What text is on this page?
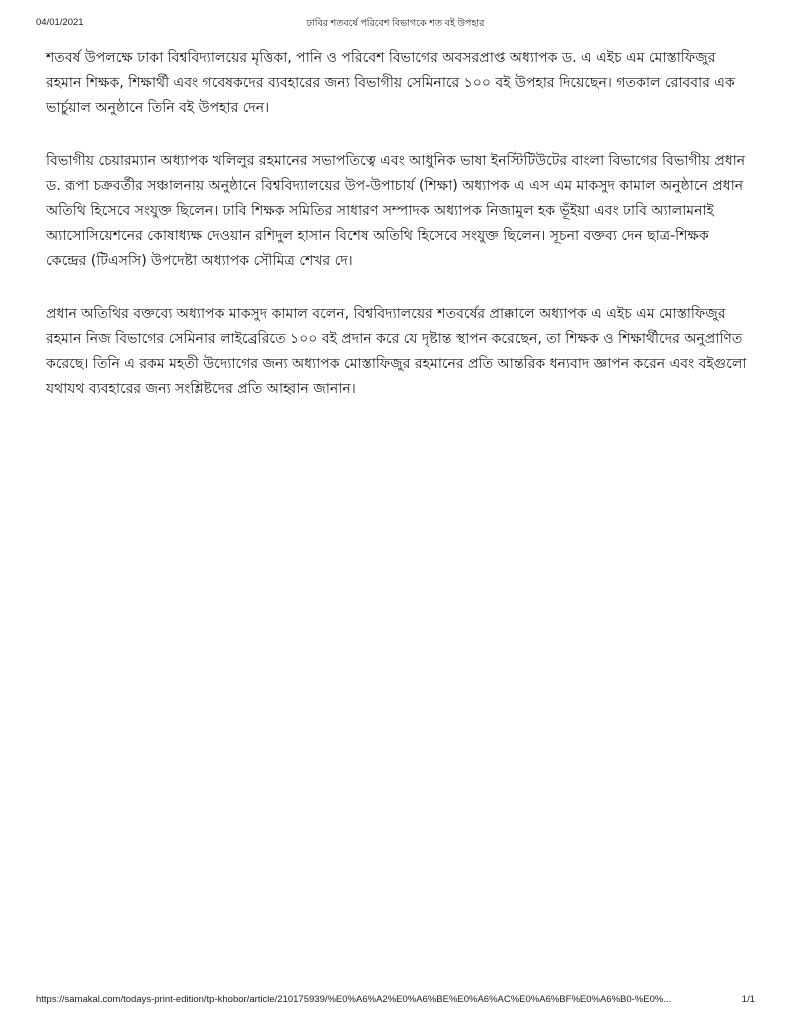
04/01/2021	ঢাবির শতবর্ষে পরিবেশ বিভাগকে শত বই উপহার

শতবর্ষ উপলক্ষে ঢাকা বিশ্ববিদ্যালয়ের মৃত্তিকা, পানি ও পরিবেশ বিভাগের অবসরপ্রাপ্ত অধ্যাপক ড. এ এইচ এম মোস্তাফিজুর রহমান শিক্ষক, শিক্ষার্থী এবং গবেষকদের ব্যবহারের জন্য বিভাগীয় সেমিনারে ১০০ বই উপহার দিয়েছেন। গতকাল রোববার এক ভার্চুয়াল অনুষ্ঠানে তিনি বই উপহার দেন।

বিভাগীয় চেয়ারম্যান অধ্যাপক খলিলুর রহমানের সভাপতিত্বে এবং আধুনিক ভাষা ইনস্টিটিউটের বাংলা বিভাগের বিভাগীয় প্রধান ড. রূপা চক্রবর্তীর সঞ্চালনায় অনুষ্ঠানে বিশ্ববিদ্যালয়ের উপ-উপাচার্য (শিক্ষা) অধ্যাপক এ এস এম মাকসুদ কামাল অনুষ্ঠানে প্রধান অতিথি হিসেবে সংযুক্ত ছিলেন। ঢাবি শিক্ষক সমিতির সাধারণ সম্পাদক অধ্যাপক নিজামুল হক ভূঁইয়া এবং ঢাবি অ্যালামনাই অ্যাসোসিয়েশনের কোষাধ্যক্ষ দেওয়ান রশিদুল হাসান বিশেষ অতিথি হিসেবে সংযুক্ত ছিলেন। সূচনা বক্তব্য দেন ছাত্র-শিক্ষক কেন্দ্রের (টিএসসি) উপদেষ্টা অধ্যাপক সৌমিত্র শেখর দে।

প্রধান অতিথির বক্তব্যে অধ্যাপক মাকসুদ কামাল বলেন, বিশ্ববিদ্যালয়ের শতবর্ষের প্রাক্কালে অধ্যাপক এ এইচ এম মোস্তাফিজুর রহমান নিজ বিভাগের সেমিনার লাইব্রেরিতে ১০০ বই প্রদান করে যে দৃষ্টান্ত স্থাপন করেছেন, তা শিক্ষক ও শিক্ষার্থীদের অনুপ্রাণিত করেছে। তিনি এ রকম মহতী উদ্যোগের জন্য অধ্যাপক মোস্তাফিজুর রহমানের প্রতি আন্তরিক ধন্যবাদ জ্ঞাপন করেন এবং বইগুলো যথাযথ ব্যবহারের জন্য সংশ্লিষ্টদের প্রতি আহ্বান জানান।

https://samakal.com/todays-print-edition/tp-khobor/article/210175939/%E0%A6%A2%E0%A6%BE%E0%A6%AC%E0%A6%BF%E0%A6%B0-%E0%...	1/1
